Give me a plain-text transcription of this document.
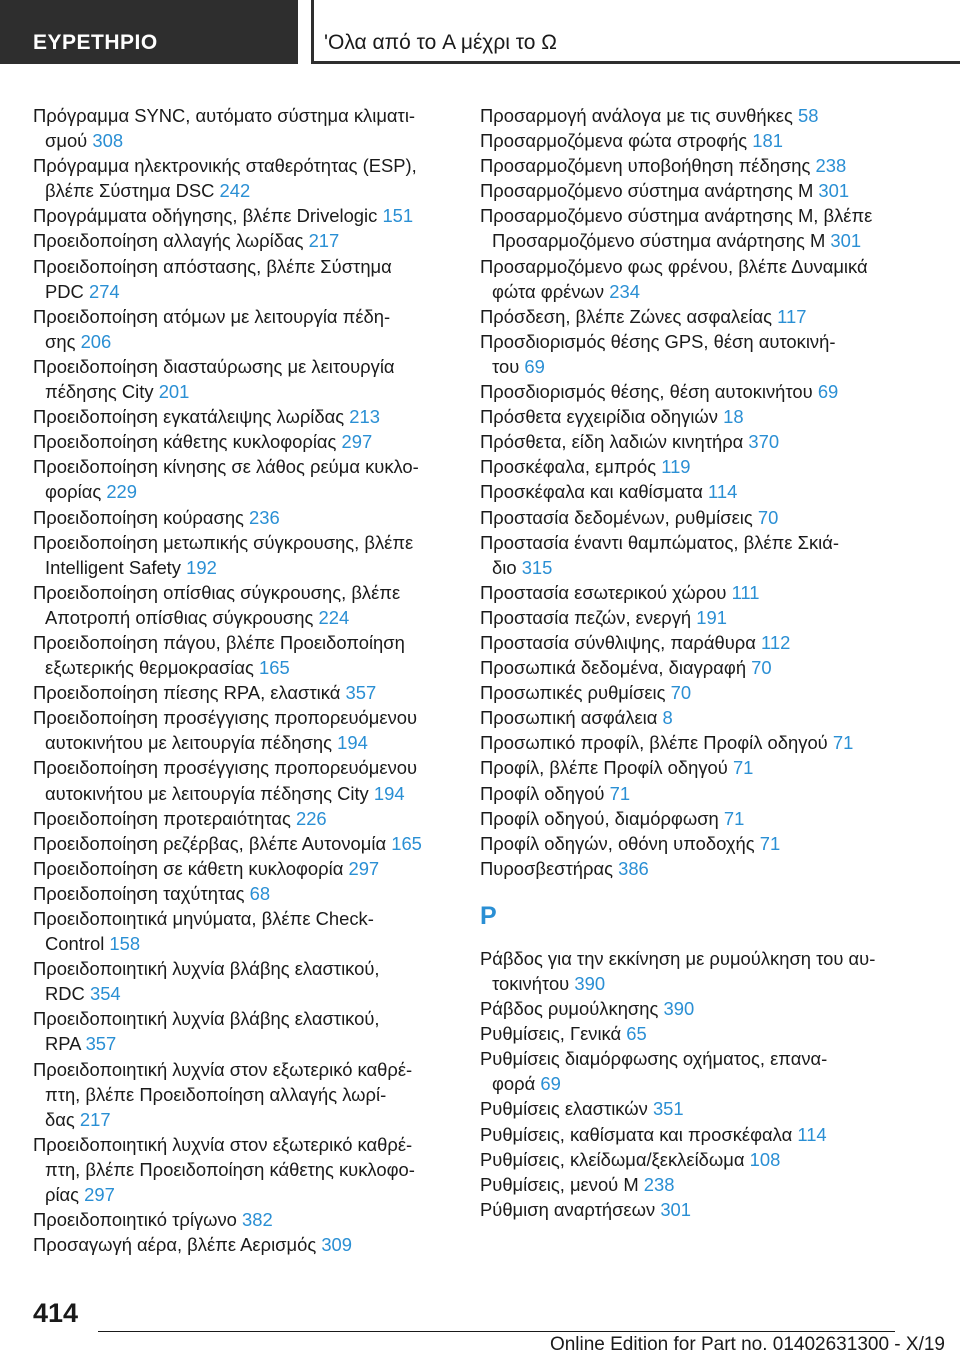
ΕΥΡΕΤΗΡΙΟ	'Ολα από το A μέχρι το Ω

Πρόγραμμα SYNC, αυτόματο σύστημα κλιματι-
σμού 308

Πρόγραμμα ηλεκτρονικής σταθερότητας (ESP),
βλέπε Σύστημα DSC 242

Προγράμματα οδήγησης, βλέπε Drivelogic 151

Προειδοποίηση αλλαγής λωρίδας 217

Προειδοποίηση απόστασης, βλέπε Σύστημα
PDC 274

Προειδοποίηση ατόμων με λειτουργία πέδη-
σης 206

Προειδοποίηση διασταύρωσης με λειτουργία
πέδησης City 201

Προειδοποίηση εγκατάλειψης λωρίδας 213

Προειδοποίηση κάθετης κυκλοφορίας 297

Προειδοποίηση κίνησης σε λάθος ρεύμα κυκλο-
φορίας 229

Προειδοποίηση κούρασης 236

Προειδοποίηση μετωπικής σύγκρουσης, βλέπε
Intelligent Safety 192

Προειδοποίηση οπίσθιας σύγκρουσης, βλέπε
Αποτροπή οπίσθιας σύγκρουσης 224

Προειδοποίηση πάγου, βλέπε Προειδοποίηση
εξωτερικής θερμοκρασίας 165

Προειδοποίηση πίεσης RPA, ελαστικά 357

Προειδοποίηση προσέγγισης προπορευόμενου
αυτοκινήτου με λειτουργία πέδησης 194

Προειδοποίηση προσέγγισης προπορευόμενου
αυτοκινήτου με λειτουργία πέδησης City 194

Προειδοποίηση προτεραιότητας 226

Προειδοποίηση ρεζέρβας, βλέπε Αυτονομία 165

Προειδοποίηση σε κάθετη κυκλοφορία 297

Προειδοποίηση ταχύτητας 68

Προειδοποιητικά μηνύματα, βλέπε Check-
Control 158

Προειδοποιητική λυχνία βλάβης ελαστικού,
RDC 354

Προειδοποιητική λυχνία βλάβης ελαστικού,
RPA 357

Προειδοποιητική λυχνία στον εξωτερικό καθρέ-
πτη, βλέπε Προειδοποίηση αλλαγής λωρί-
δας 217

Προειδοποιητική λυχνία στον εξωτερικό καθρέ-
πτη, βλέπε Προειδοποίηση κάθετης κυκλοφο-
ρίας 297

Προειδοποιητικό τρίγωνο 382

Προσαγωγή αέρα, βλέπε Αερισμός 309

Προσαρμογή ανάλογα με τις συνθήκες 58

Προσαρμοζόμενα φώτα στροφής 181

Προσαρμοζόμενη υποβοήθηση πέδησης 238

Προσαρμοζόμενο σύστημα ανάρτησης M 301

Προσαρμοζόμενο σύστημα ανάρτησης M, βλέπε
Προσαρμοζόμενο σύστημα ανάρτησης M 301

Προσαρμοζόμενο φως φρένου, βλέπε Δυναμικά
φώτα φρένων 234

Πρόσδεση, βλέπε Ζώνες ασφαλείας 117

Προσδιορισμός θέσης GPS, θέση αυτοκινή-
του 69

Προσδιορισμός θέσης, θέση αυτοκινήτου 69

Πρόσθετα εγχειρίδια οδηγιών 18

Πρόσθετα, είδη λαδιών κινητήρα 370

Προσκέφαλα, εμπρός 119

Προσκέφαλα και καθίσματα 114

Προστασία δεδομένων, ρυθμίσεις 70

Προστασία έναντι θαμπώματος, βλέπε Σκιά-
διο 315

Προστασία εσωτερικού χώρου 111

Προστασία πεζών, ενεργή 191

Προστασία σύνθλιψης, παράθυρα 112

Προσωπικά δεδομένα, διαγραφή 70

Προσωπικές ρυθμίσεις 70

Προσωπική ασφάλεια 8

Προσωπικό προφίλ, βλέπε Προφίλ οδηγού 71

Προφίλ, βλέπε Προφίλ οδηγού 71

Προφίλ οδηγού 71

Προφίλ οδηγού, διαμόρφωση 71

Προφίλ οδηγών, οθόνη υποδοχής 71

Πυροσβεστήρας 386

Ρ

Ράβδος για την εκκίνηση με ρυμούλκηση του αυ-
τοκινήτου 390

Ράβδος ρυμούλκησης 390

Ρυθμίσεις, Γενικά 65

Ρυθμίσεις διαμόρφωσης οχήματος, επανα-
φορά 69

Ρυθμίσεις ελαστικών 351

Ρυθμίσεις, καθίσματα και προσκέφαλα 114

Ρυθμίσεις, κλείδωμα/ξεκλείδωμα 108

Ρυθμίσεις, μενού M 238

Ρύθμιση αναρτήσεων 301

414
Online Edition for Part no. 01402631300 - X/19
